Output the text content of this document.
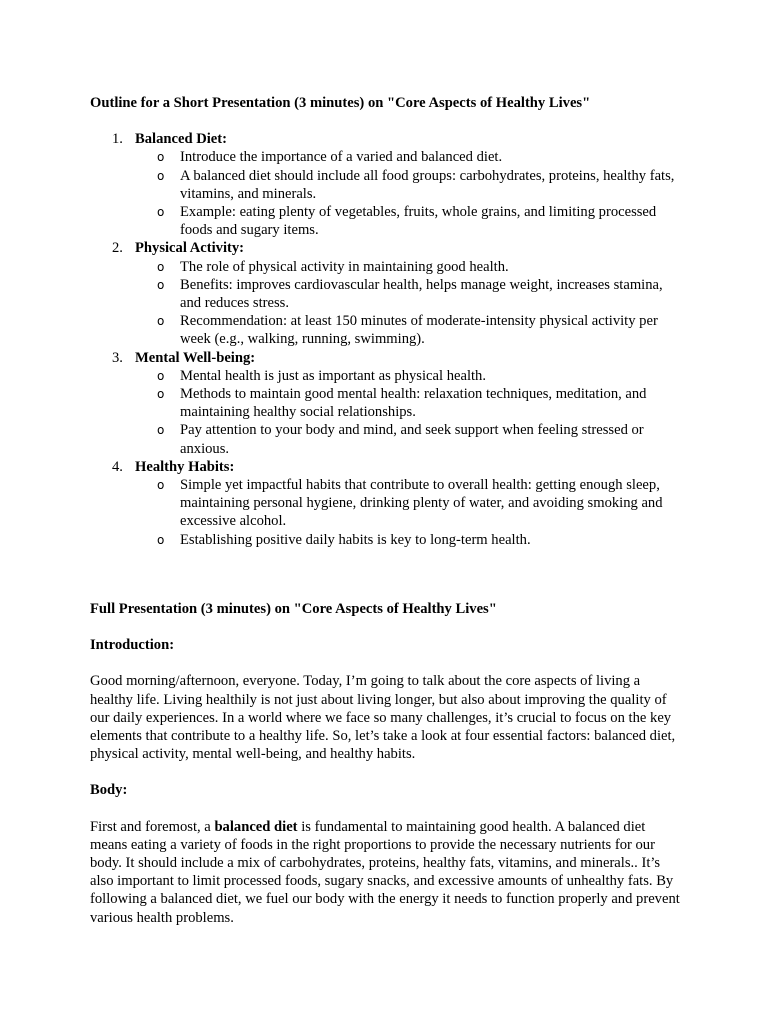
Outline for a Short Presentation (3 minutes) on "Core Aspects of Healthy Lives"

1. Balanced Diet:
o Introduce the importance of a varied and balanced diet.
o A balanced diet should include all food groups: carbohydrates, proteins, healthy fats, vitamins, and minerals.
o Example: eating plenty of vegetables, fruits, whole grains, and limiting processed foods and sugary items.
2. Physical Activity:
o The role of physical activity in maintaining good health.
o Benefits: improves cardiovascular health, helps manage weight, increases stamina, and reduces stress.
o Recommendation: at least 150 minutes of moderate-intensity physical activity per week (e.g., walking, running, swimming).
3. Mental Well-being:
o Mental health is just as important as physical health.
o Methods to maintain good mental health: relaxation techniques, meditation, and maintaining healthy social relationships.
o Pay attention to your body and mind, and seek support when feeling stressed or anxious.
4. Healthy Habits:
o Simple yet impactful habits that contribute to overall health: getting enough sleep, maintaining personal hygiene, drinking plenty of water, and avoiding smoking and excessive alcohol.
o Establishing positive daily habits is key to long-term health.

Full Presentation (3 minutes) on "Core Aspects of Healthy Lives"

Introduction:

Good morning/afternoon, everyone. Today, I’m going to talk about the core aspects of living a healthy life. Living healthily is not just about living longer, but also about improving the quality of our daily experiences. In a world where we face so many challenges, it’s crucial to focus on the key elements that contribute to a healthy life. So, let’s take a look at four essential factors: balanced diet, physical activity, mental well-being, and healthy habits.

Body:

First and foremost, a balanced diet is fundamental to maintaining good health. A balanced diet means eating a variety of foods in the right proportions to provide the necessary nutrients for our body. It should include a mix of carbohydrates, proteins, healthy fats, vitamins, and minerals.. It’s also important to limit processed foods, sugary snacks, and excessive amounts of unhealthy fats. By following a balanced diet, we fuel our body with the energy it needs to function properly and prevent various health problems.
